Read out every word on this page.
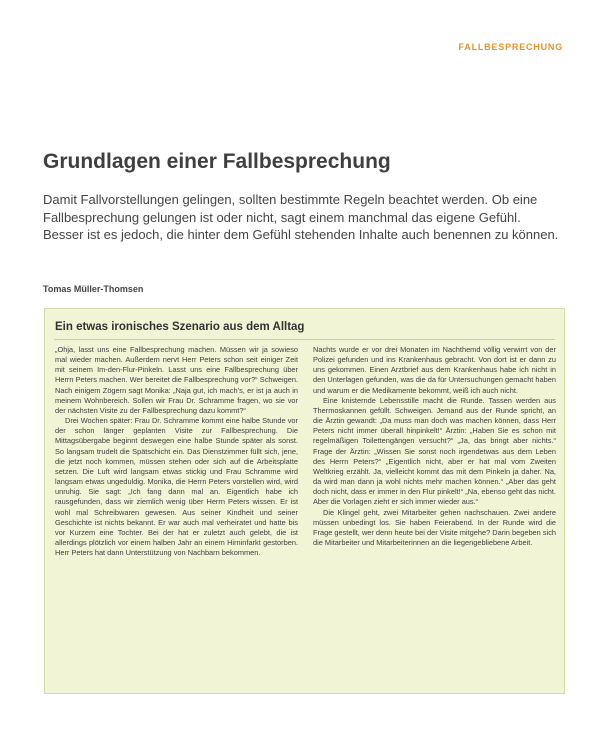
FALLBESPRECHUNG
Grundlagen einer Fallbesprechung

Damit Fallvorstellungen gelingen, sollten bestimmte Regeln beachtet werden. Ob eine Fallbesprechung gelungen ist oder nicht, sagt einem manchmal das eigene Gefühl. Besser ist es jedoch, die hinter dem Gefühl stehenden Inhalte auch benennen zu können.

Tomas Müller-Thomsen
Ein etwas ironisches Szenario aus dem Alltag

„Ohja, lasst uns eine Fallbesprechung machen. Müssen wir ja sowieso mal wieder machen. Außerdem nervt Herr Peters schon seit einiger Zeit mit seinem Im-den-Flur-Pinkeln. Lasst uns eine Fallbesprechung über Herrn Peters machen. Wer bereitet die Fallbesprechung vor?“ Schweigen. Nach einigem Zögern sagt Monika: „Naja gut, ich mach’s, er ist ja auch in meinem Wohnbereich. Sollen wir Frau Dr. Schramme fragen, wo sie vor der nächsten Visite zu der Fallbesprechung dazu kommt?“

Drei Wochen später: Frau Dr. Schramme kommt eine halbe Stunde vor der schon länger geplanten Visite zur Fallbesprechung. Die Mittagsübergabe beginnt deswegen eine halbe Stunde später als sonst. So langsam trudelt die Spätschicht ein. Das Dienstzimmer füllt sich, jene, die jetzt noch kommen, müssen stehen oder sich auf die Arbeitsplatte setzen. Die Luft wird langsam etwas stickig und Frau Schramme wird langsam etwas ungeduldig. Monika, die Herrn Peters vorstellen wird, wird unruhig. Sie sagt: „Ich fang dann mal an. Eigentlich habe ich rausgefunden, dass wir ziemlich wenig über Herrn Peters wissen. Er ist wohl mal Schreibwaren gewesen. Aus seiner Kindheit und seiner Geschichte ist nichts bekannt. Er war auch mal verheiratet und hatte bis vor Kurzem eine Tochter. Bei der hat er zuletzt auch gelebt, die ist allerdings plötzlich vor einem halben Jahr an einem Hirninfarkt gestorben. Herr Peters hat dann Unterstützung von Nachbarn bekommen.

Nachts wurde er vor drei Monaten im Nachthemd völlig verwirrt von der Polizei gefunden und ins Krankenhaus gebracht. Von dort ist er dann zu uns gekommen. Einen Arztbrief aus dem Krankenhaus habe ich nicht in den Unterlagen gefunden, was die da für Untersuchungen gemacht haben und warum er die Medikamente bekommt, weiß ich auch nicht.

Eine knisternde Lebensstille macht die Runde. Tassen werden aus Thermoskannen gefüllt. Schweigen. Jemand aus der Runde spricht, an die Ärztin gewandt: „Da muss man doch was machen können, dass Herr Peters nicht immer überall hinpinkelt!“ Ärztin: „Haben Sie es schon mit regelmäßigen Toilettengängen versucht?“ „Ja, das bringt aber nichts.“ Frage der Ärztin: „Wissen Sie sonst noch irgendetwas aus dem Leben des Herrn Peters?“ „Eigentlich nicht, aber er hat mal vom Zweiten Weltkrieg erzählt. Ja, vielleicht kommt das mit dem Pinkeln ja daher. Na, da wird man dann ja wohl nichts mehr machen können.“ „Aber das geht doch nicht, dass er immer in den Flur pinkelt!“ „Na, ebenso geht das nicht. Aber die Vorlagen zieht er sich immer wieder aus.“

Die Klingel geht, zwei Mitarbeiter gehen nachschauen. Zwei andere müssen unbedingt los. Sie haben Feierabend. In der Runde wird die Frage gestellt, wer denn heute bei der Visite mitgehe? Darin begeben sich die Mitarbeiter und Mitarbeiterinnen an die liegengebliebene Arbeit.
